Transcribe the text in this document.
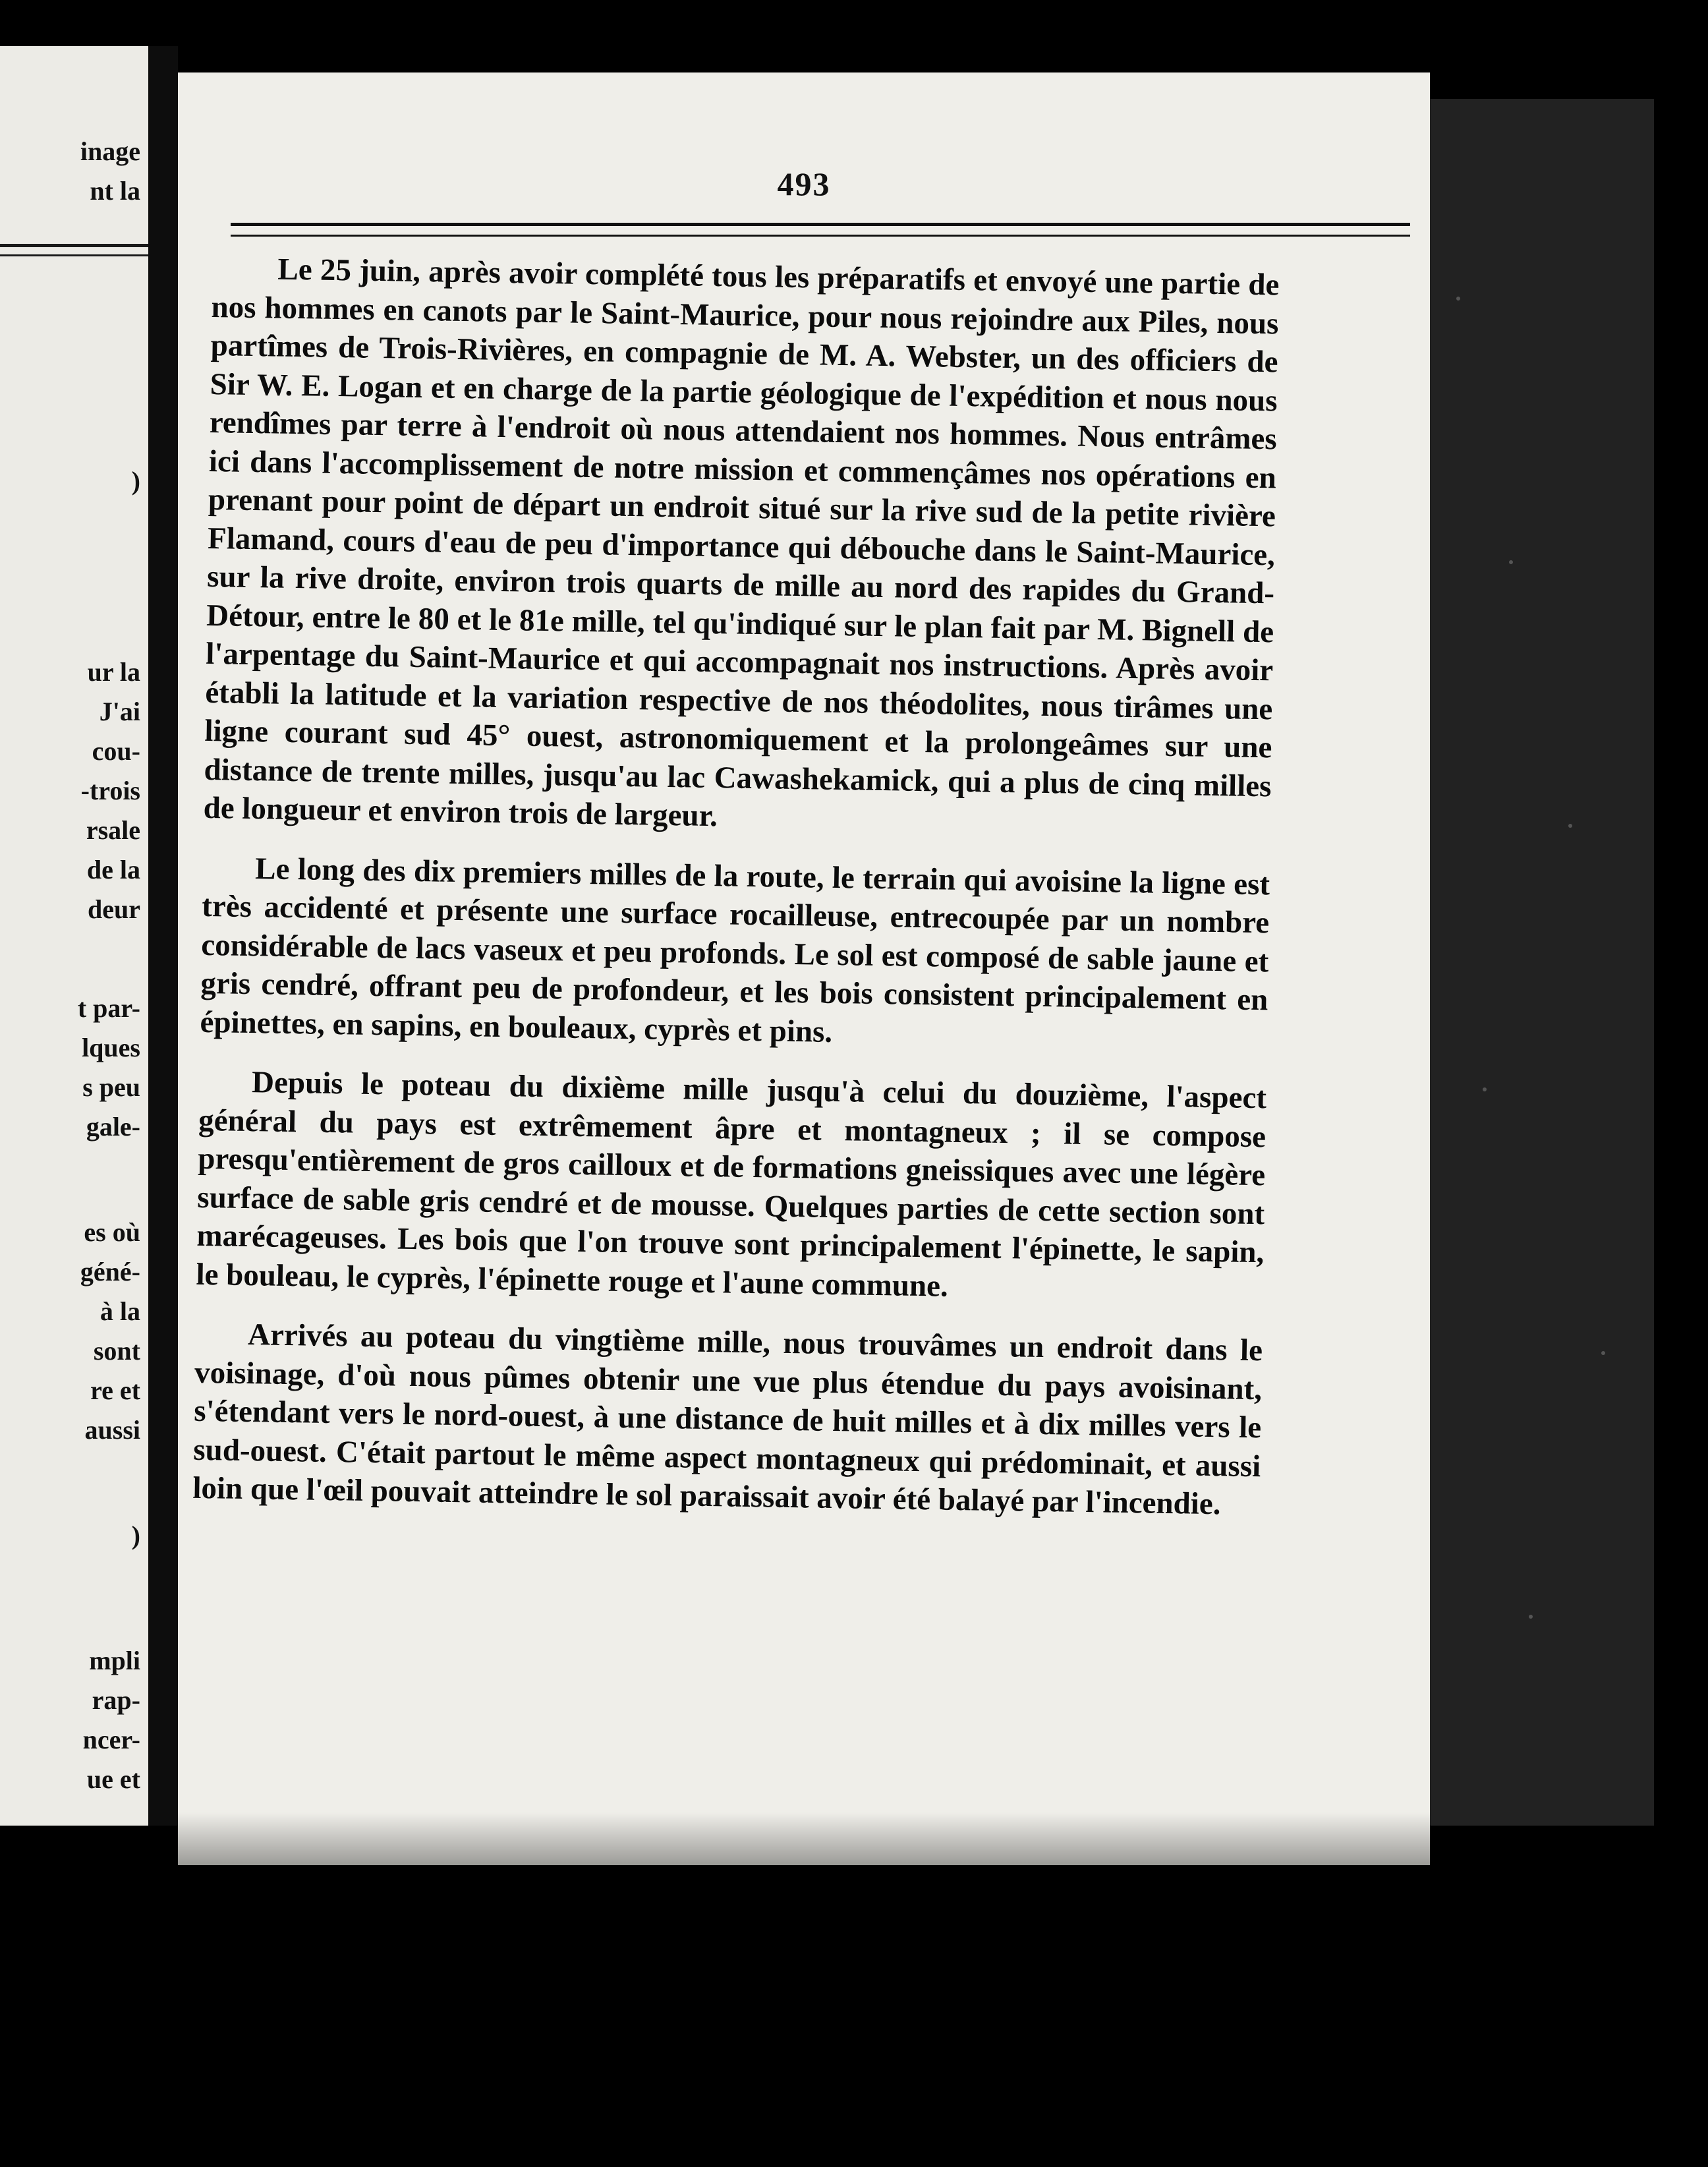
inage
nt la
)
ur la
J'ai
cou-
-trois
rsale
de la
deur
t par-
lques
s peu
gale-
es où
géné-
à la
sont
re et
aussi
)
mpli
rap-
ncer-
ue et
493

Le 25 juin, après avoir complété tous les préparatifs et envoyé une partie de nos hommes en canots par le Saint-Maurice, pour nous rejoindre aux Piles, nous partîmes de Trois-Rivières, en compagnie de M. A. Webster, un des officiers de Sir W. E. Logan et en charge de la partie géologique de l'expédition et nous nous rendîmes par terre à l'endroit où nous attendaient nos hommes. Nous entrâmes ici dans l'accomplissement de notre mission et commençâmes nos opérations en prenant pour point de départ un endroit situé sur la rive sud de la petite rivière Flamand, cours d'eau de peu d'importance qui débouche dans le Saint-Maurice, sur la rive droite, environ trois quarts de mille au nord des rapides du Grand-Détour, entre le 80 et le 81e mille, tel qu'indiqué sur le plan fait par M. Bignell de l'arpentage du Saint-Maurice et qui accompagnait nos instructions. Après avoir établi la latitude et la variation respective de nos théodolites, nous tirâmes une ligne courant sud 45° ouest, astronomiquement et la prolongeâmes sur une distance de trente milles, jusqu'au lac Cawashekamick, qui a plus de cinq milles de longueur et environ trois de largeur.

Le long des dix premiers milles de la route, le terrain qui avoisine la ligne est très accidenté et présente une surface rocailleuse, entrecoupée par un nombre considérable de lacs vaseux et peu profonds. Le sol est composé de sable jaune et gris cendré, offrant peu de profondeur, et les bois consistent principalement en épinettes, en sapins, en bouleaux, cyprès et pins.

Depuis le poteau du dixième mille jusqu'à celui du douzième, l'aspect général du pays est extrêmement âpre et montagneux ; il se compose presqu'entièrement de gros cailloux et de formations gneissiques avec une légère surface de sable gris cendré et de mousse. Quelques parties de cette section sont marécageuses. Les bois que l'on trouve sont principalement l'épinette, le sapin, le bouleau, le cyprès, l'épinette rouge et l'aune commune.

Arrivés au poteau du vingtième mille, nous trouvâmes un endroit dans le voisinage, d'où nous pûmes obtenir une vue plus étendue du pays avoisinant, s'étendant vers le nord-ouest, à une distance de huit milles et à dix milles vers le sud-ouest. C'était partout le même aspect montagneux qui prédominait, et aussi loin que l'œil pouvait atteindre le sol paraissait avoir été balayé par l'incendie.
